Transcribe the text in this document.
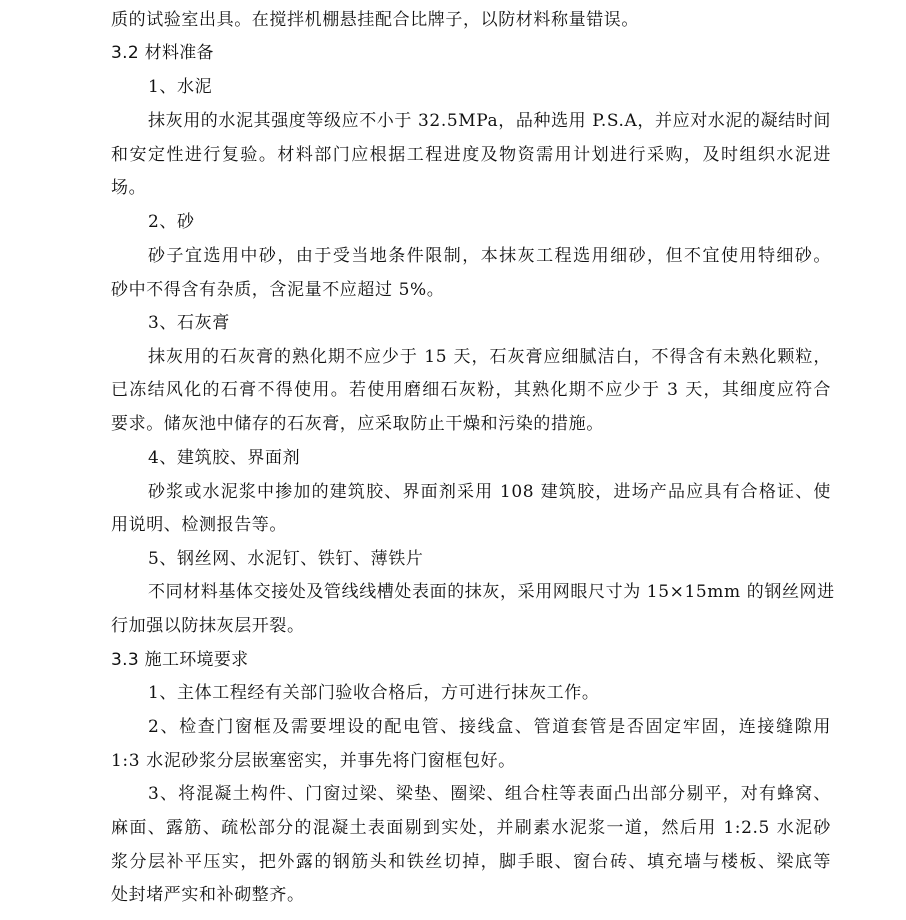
质的试验室出具。在搅拌机棚悬挂配合比牌子，以防材料称量错误。
3.2 材料准备
1、水泥
抹灰用的水泥其强度等级应不小于 32.5MPa，品种选用 P.S.A，并应对水泥的凝结时间
和安定性进行复验。材料部门应根据工程进度及物资需用计划进行采购，及时组织水泥进
场。
2、砂
砂子宜选用中砂，由于受当地条件限制，本抹灰工程选用细砂，但不宜使用特细砂。
砂中不得含有杂质，含泥量不应超过 5%。
3、石灰膏
抹灰用的石灰膏的熟化期不应少于 15 天，石灰膏应细腻洁白，不得含有未熟化颗粒，
已冻结风化的石膏不得使用。若使用磨细石灰粉，其熟化期不应少于 3 天，其细度应符合
要求。储灰池中储存的石灰膏，应采取防止干燥和污染的措施。
4、建筑胶、界面剂
砂浆或水泥浆中掺加的建筑胶、界面剂采用 108 建筑胶，进场产品应具有合格证、使
用说明、检测报告等。
5、钢丝网、水泥钉、铁钉、薄铁片
不同材料基体交接处及管线线槽处表面的抹灰，采用网眼尺寸为 15×15mm 的钢丝网进
行加强以防抹灰层开裂。
3.3 施工环境要求
1、主体工程经有关部门验收合格后，方可进行抹灰工作。
2、检查门窗框及需要埋设的配电管、接线盒、管道套管是否固定牢固，连接缝隙用
1:3 水泥砂浆分层嵌塞密实，并事先将门窗框包好。
3、将混凝土构件、门窗过梁、梁垫、圈梁、组合柱等表面凸出部分剔平，对有蜂窝、
麻面、露筋、疏松部分的混凝土表面剔到实处，并刷素水泥浆一道，然后用 1:2.5 水泥砂
浆分层补平压实，把外露的钢筋头和铁丝切掉，脚手眼、窗台砖、填充墙与楼板、梁底等
处封堵严实和补砌整齐。
